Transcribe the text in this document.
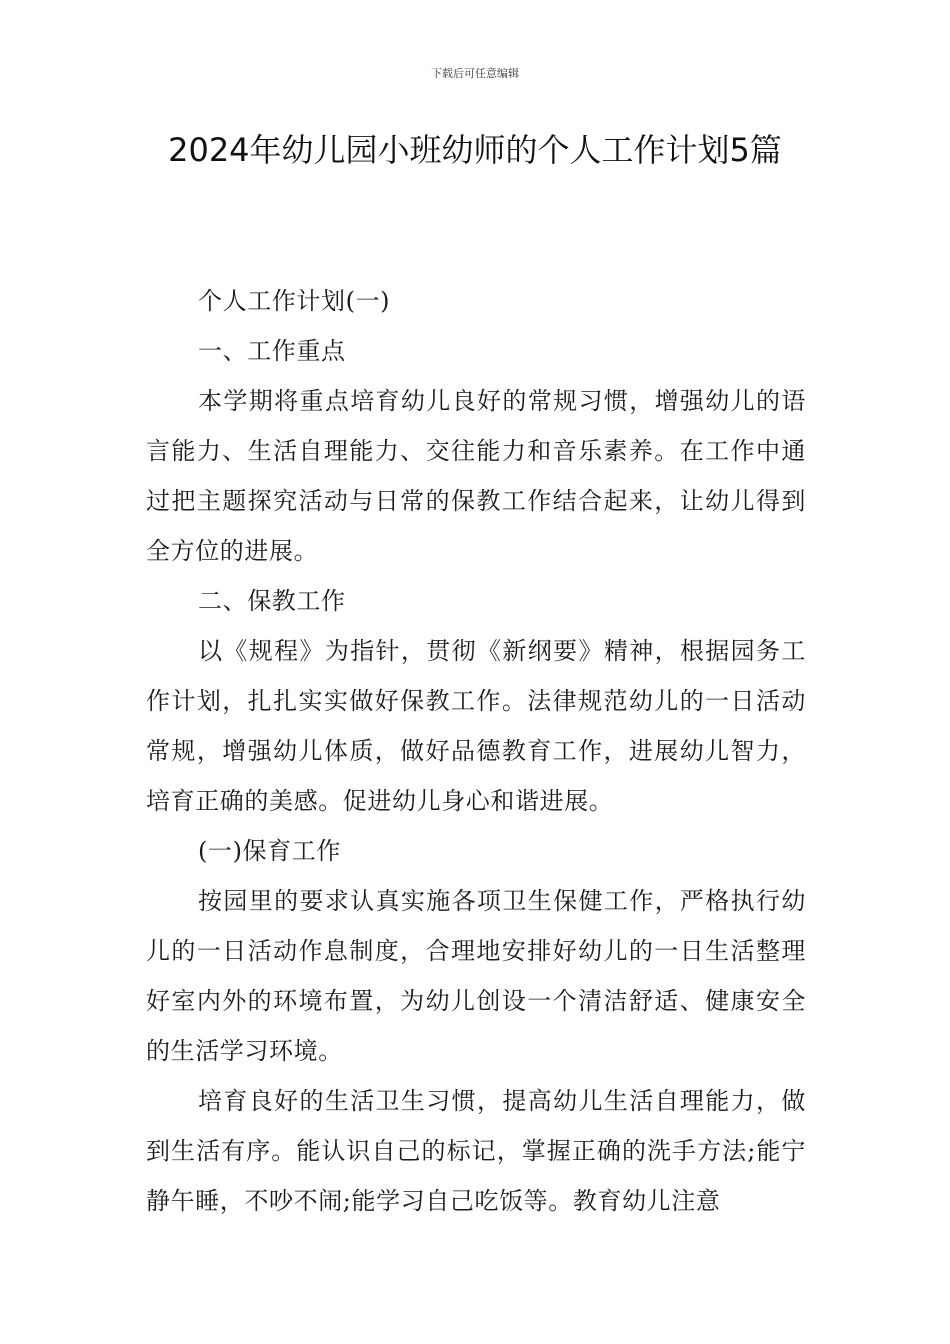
下载后可任意编辑
2024年幼儿园小班幼师的个人工作计划5篇

个人工作计划(一)

一、工作重点

本学期将重点培育幼儿良好的常规习惯，增强幼儿的语言能力、生活自理能力、交往能力和音乐素养。在工作中通过把主题探究活动与日常的保教工作结合起来，让幼儿得到全方位的进展。

二、保教工作

以《规程》为指针，贯彻《新纲要》精神，根据园务工作计划，扎扎实实做好保教工作。法律规范幼儿的一日活动常规，增强幼儿体质，做好品德教育工作，进展幼儿智力，培育正确的美感。促进幼儿身心和谐进展。

(一)保育工作

按园里的要求认真实施各项卫生保健工作，严格执行幼儿的一日活动作息制度，合理地安排好幼儿的一日生活整理好室内外的环境布置，为幼儿创设一个清洁舒适、健康安全的生活学习环境。

培育良好的生活卫生习惯，提高幼儿生活自理能力，做到生活有序。能认识自己的标记，掌握正确的洗手方法;能宁静午睡，不吵不闹;能学习自己吃饭等。教育幼儿注意
